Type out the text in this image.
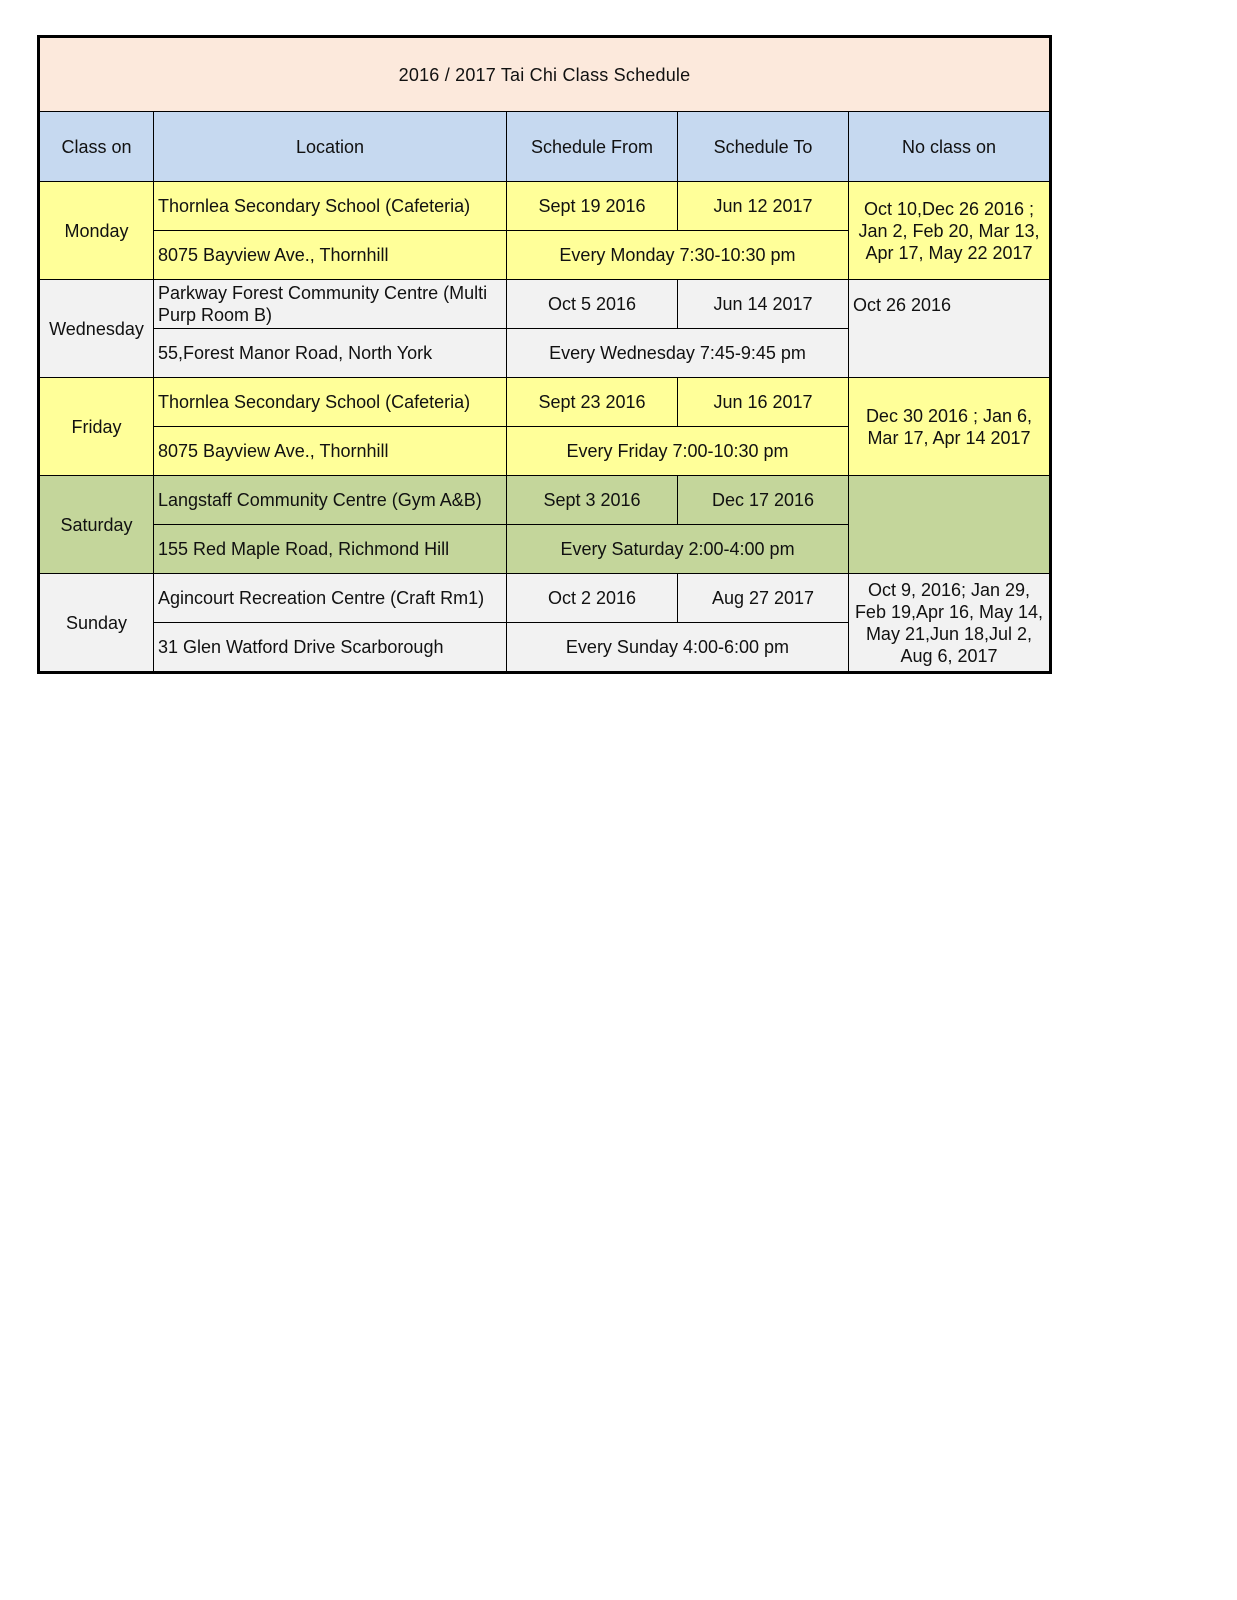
2016 / 2017 Tai Chi Class Schedule				
Class on	Location	Schedule From	Schedule To	No class on
Monday	Thornlea Secondary School (Cafeteria)	Sept 19 2016	Jun 12 2017	Oct 10,Dec 26 2016 ; Jan 2, Feb 20, Mar 13, Apr 17, May 22 2017
	8075 Bayview Ave., Thornhill	Every Monday 7:30-10:30 pm		
Wednesday	Parkway Forest Community Centre (Multi Purp Room B)	Oct 5 2016	Jun 14 2017	Oct 26 2016
	55,Forest Manor Road, North York	Every Wednesday 7:45-9:45 pm		
Friday	Thornlea Secondary School (Cafeteria)	Sept 23 2016	Jun 16 2017	Dec 30 2016 ; Jan 6, Mar 17, Apr 14 2017
	8075 Bayview Ave., Thornhill	Every Friday 7:00-10:30 pm		
Saturday	Langstaff Community Centre (Gym A&B)	Sept 3 2016	Dec 17 2016	
	155 Red Maple Road, Richmond Hill	Every Saturday 2:00-4:00 pm		
Sunday	Agincourt Recreation Centre (Craft Rm1)	Oct 2 2016	Aug 27 2017	Oct 9, 2016; Jan 29, Feb 19,Apr 16, May 14, May 21,Jun 18,Jul 2, Aug 6, 2017
	31 Glen Watford Drive Scarborough	Every Sunday 4:00-6:00 pm		
